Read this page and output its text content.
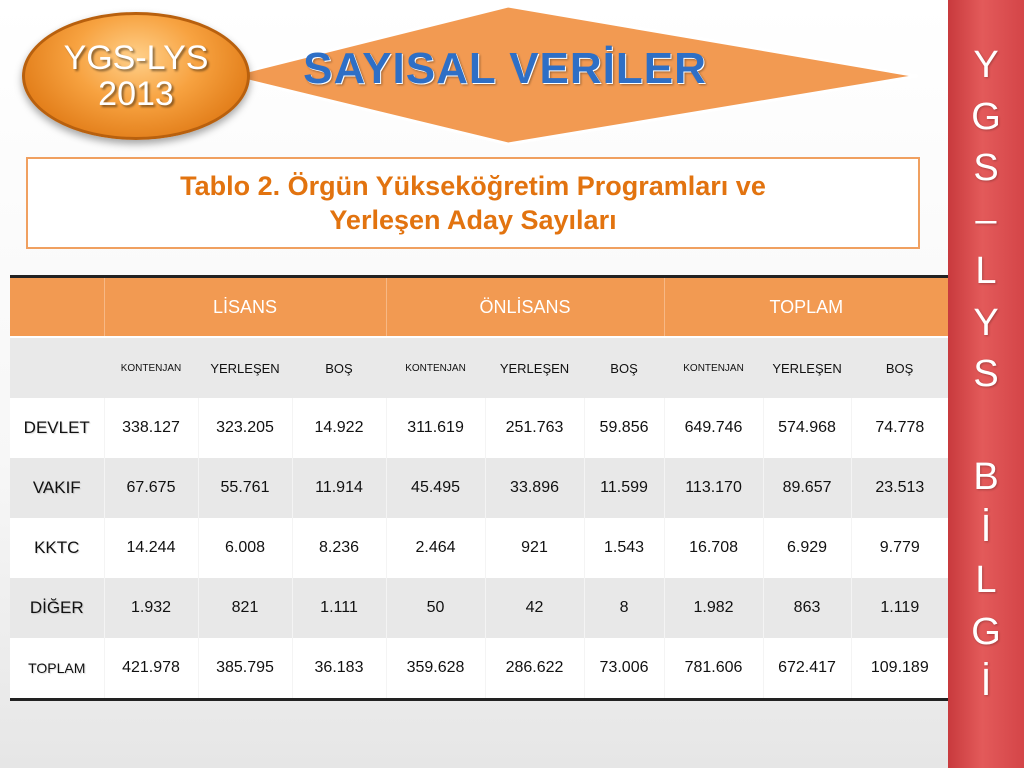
SAYISAL VERİLER
YGS-LYS
2013
Tablo 2. Örgün Yükseköğretim Programları ve
Yerleşen Aday Sayıları
	LİSANS			ÖNLİSANS			TOPLAM		
	KONTENJAN	YERLEŞEN	BOŞ	KONTENJAN	YERLEŞEN	BOŞ	KONTENJAN	YERLEŞEN	BOŞ
DEVLET	338.127	323.205	14.922	311.619	251.763	59.856	649.746	574.968	74.778
VAKIF	67.675	55.761	11.914	45.495	33.896	11.599	113.170	89.657	23.513
KKTC	14.244	6.008	8.236	2.464	921	1.543	16.708	6.929	9.779
DİĞER	1.932	821	1.111	50	42	8	1.982	863	1.119
TOPLAM	421.978	385.795	36.183	359.628	286.622	73.006	781.606	672.417	109.189
Y
G
S
–
L
Y
S
B
İ
L
G
İ
